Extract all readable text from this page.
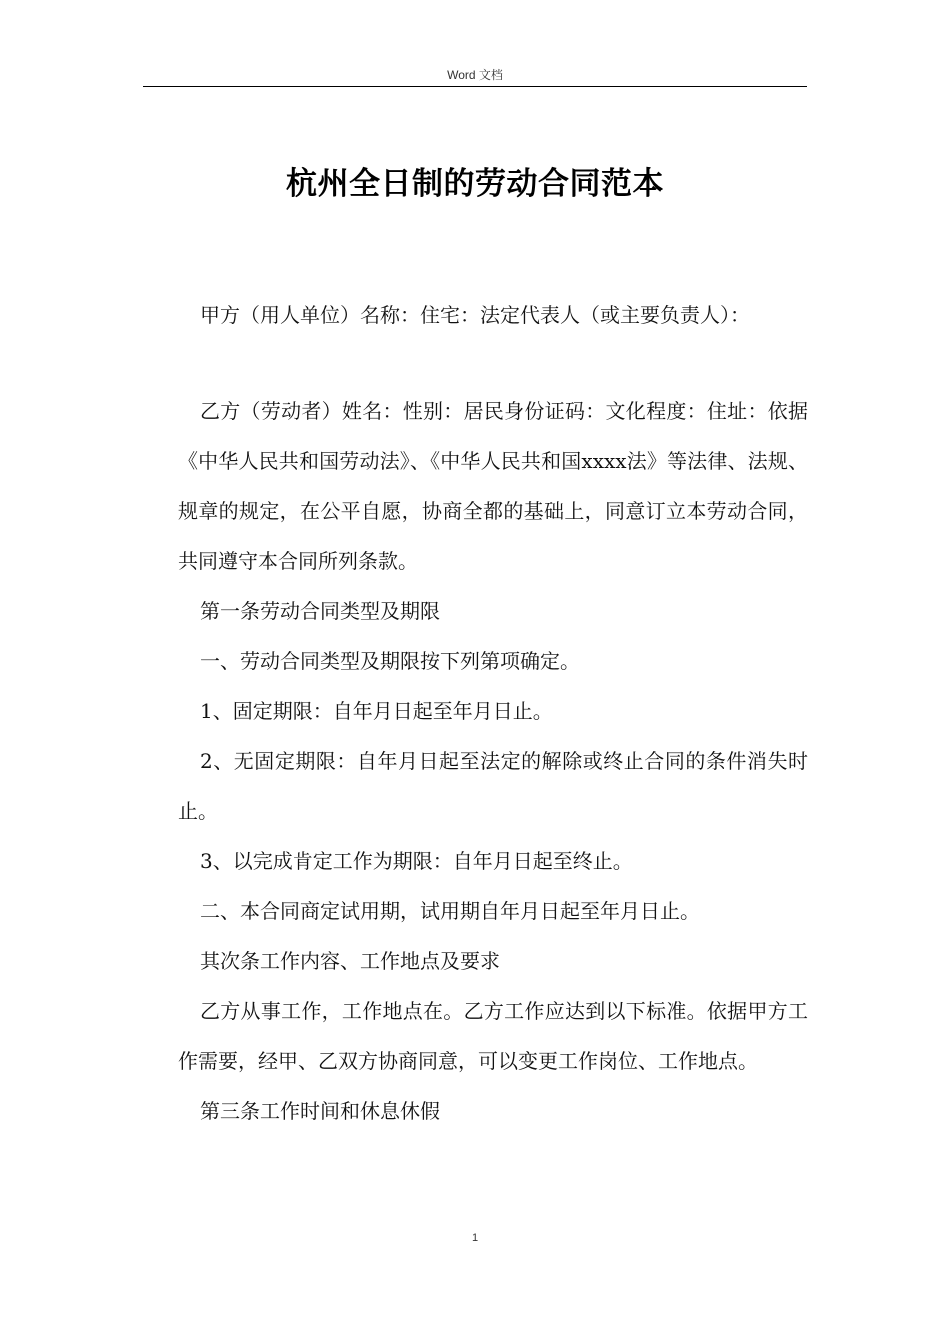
Word 文档
杭州全日制的劳动合同范本

甲方（用人单位）名称：住宅：法定代表人（或主要负责人）：

乙方（劳动者）姓名：性别：居民身份证码：文化程度：住址：依据《中华人民共和国劳动法》、《中华人民共和国xxxx法》等法律、法规、规章的规定，在公平自愿，协商全都的基础上，同意订立本劳动合同，共同遵守本合同所列条款。

第一条劳动合同类型及期限

一、劳动合同类型及期限按下列第项确定。

1、固定期限：自年月日起至年月日止。

2、无固定期限：自年月日起至法定的解除或终止合同的条件消失时止。

3、以完成肯定工作为期限：自年月日起至终止。

二、本合同商定试用期，试用期自年月日起至年月日止。

其次条工作内容、工作地点及要求

乙方从事工作，工作地点在。乙方工作应达到以下标准。依据甲方工作需要，经甲、乙双方协商同意，可以变更工作岗位、工作地点。

第三条工作时间和休息休假

1
